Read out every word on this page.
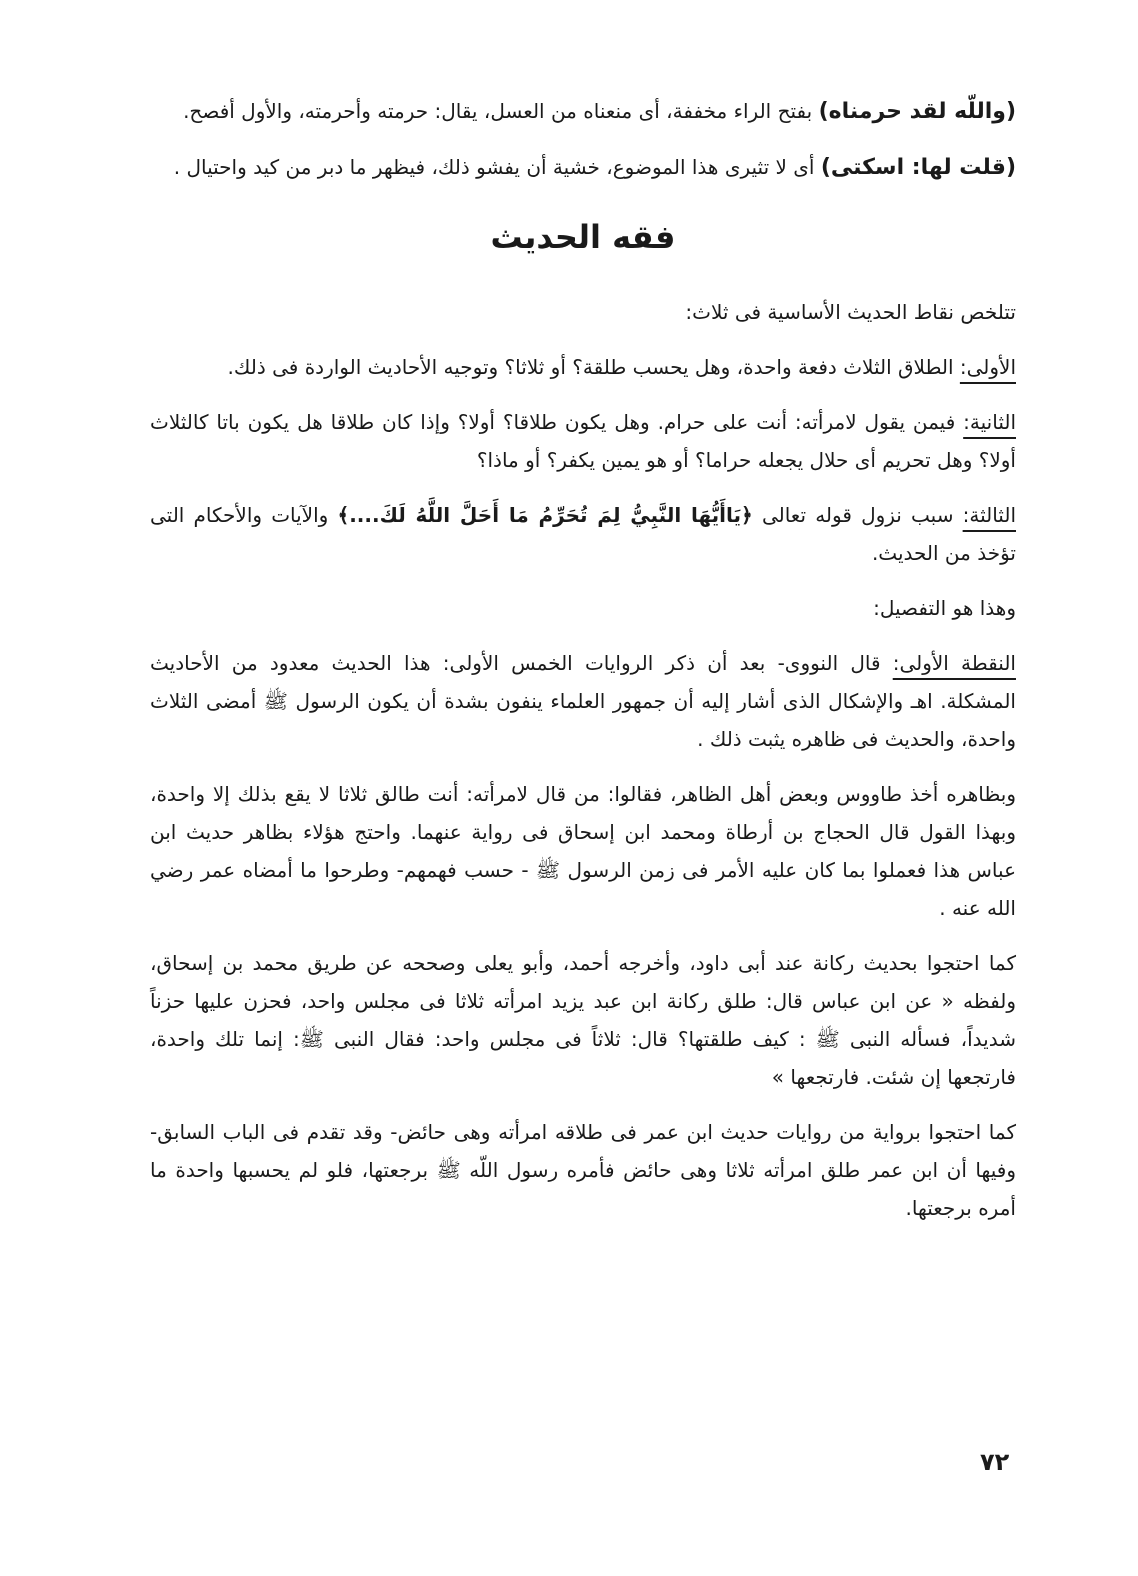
(واللّه لقد حرمناه) بفتح الراء مخففة، أى منعناه من العسل، يقال: حرمته وأحرمته، والأول أفصح.

(قلت لها: اسكتى) أى لا تثيرى هذا الموضوع، خشية أن يفشو ذلك، فيظهر ما دبر من كيد واحتيال .

فقه الحديث

تتلخص نقاط الحديث الأساسية فى ثلاث:

الأولى: الطلاق الثلاث دفعة واحدة، وهل يحسب طلقة؟ أو ثلاثا؟ وتوجيه الأحاديث الواردة فى ذلك.

الثانية: فيمن يقول لامرأته: أنت على حرام. وهل يكون طلاقا؟ أولا؟ وإذا كان طلاقا هل يكون باتا كالثلاث أولا؟ وهل تحريم أى حلال يجعله حراما؟ أو هو يمين يكفر؟ أو ماذا؟

الثالثة: سبب نزول قوله تعالى ﴿يَاأَيُّهَا النَّبِيُّ لِمَ تُحَرِّمُ مَا أَحَلَّ اللَّهُ لَكَ....﴾ والآيات والأحكام التى تؤخذ من الحديث.

وهذا هو التفصيل:

النقطة الأولى: قال النووى- بعد أن ذكر الروايات الخمس الأولى: هذا الحديث معدود من الأحاديث المشكلة. اهـ والإشكال الذى أشار إليه أن جمهور العلماء ينفون بشدة أن يكون الرسول ﷺ أمضى الثلاث واحدة، والحديث فى ظاهره يثبت ذلك .

وبظاهره أخذ طاووس وبعض أهل الظاهر، فقالوا: من قال لامرأته: أنت طالق ثلاثا لا يقع بذلك إلا واحدة، وبهذا القول قال الحجاج بن أرطاة ومحمد ابن إسحاق فى رواية عنهما. واحتج هؤلاء بظاهر حديث ابن عباس هذا فعملوا بما كان عليه الأمر فى زمن الرسول ﷺ - حسب فهمهم- وطرحوا ما أمضاه عمر رضي الله عنه .

كما احتجوا بحديث ركانة عند أبى داود، وأخرجه أحمد، وأبو يعلى وصححه عن طريق محمد بن إسحاق، ولفظه « عن ابن عباس قال: طلق ركانة ابن عبد يزيد امرأته ثلاثا فى مجلس واحد، فحزن عليها حزناً شديداً، فسأله النبى ﷺ : كيف طلقتها؟ قال: ثلاثاً فى مجلس واحد: فقال النبى ﷺ: إنما تلك واحدة، فارتجعها إن شئت. فارتجعها »

كما احتجوا برواية من روايات حديث ابن عمر فى طلاقه امرأته وهى حائض- وقد تقدم فى الباب السابق- وفيها أن ابن عمر طلق امرأته ثلاثا وهى حائض فأمره رسول اللّه ﷺ برجعتها، فلو لم يحسبها واحدة ما أمره برجعتها.

٧٢
